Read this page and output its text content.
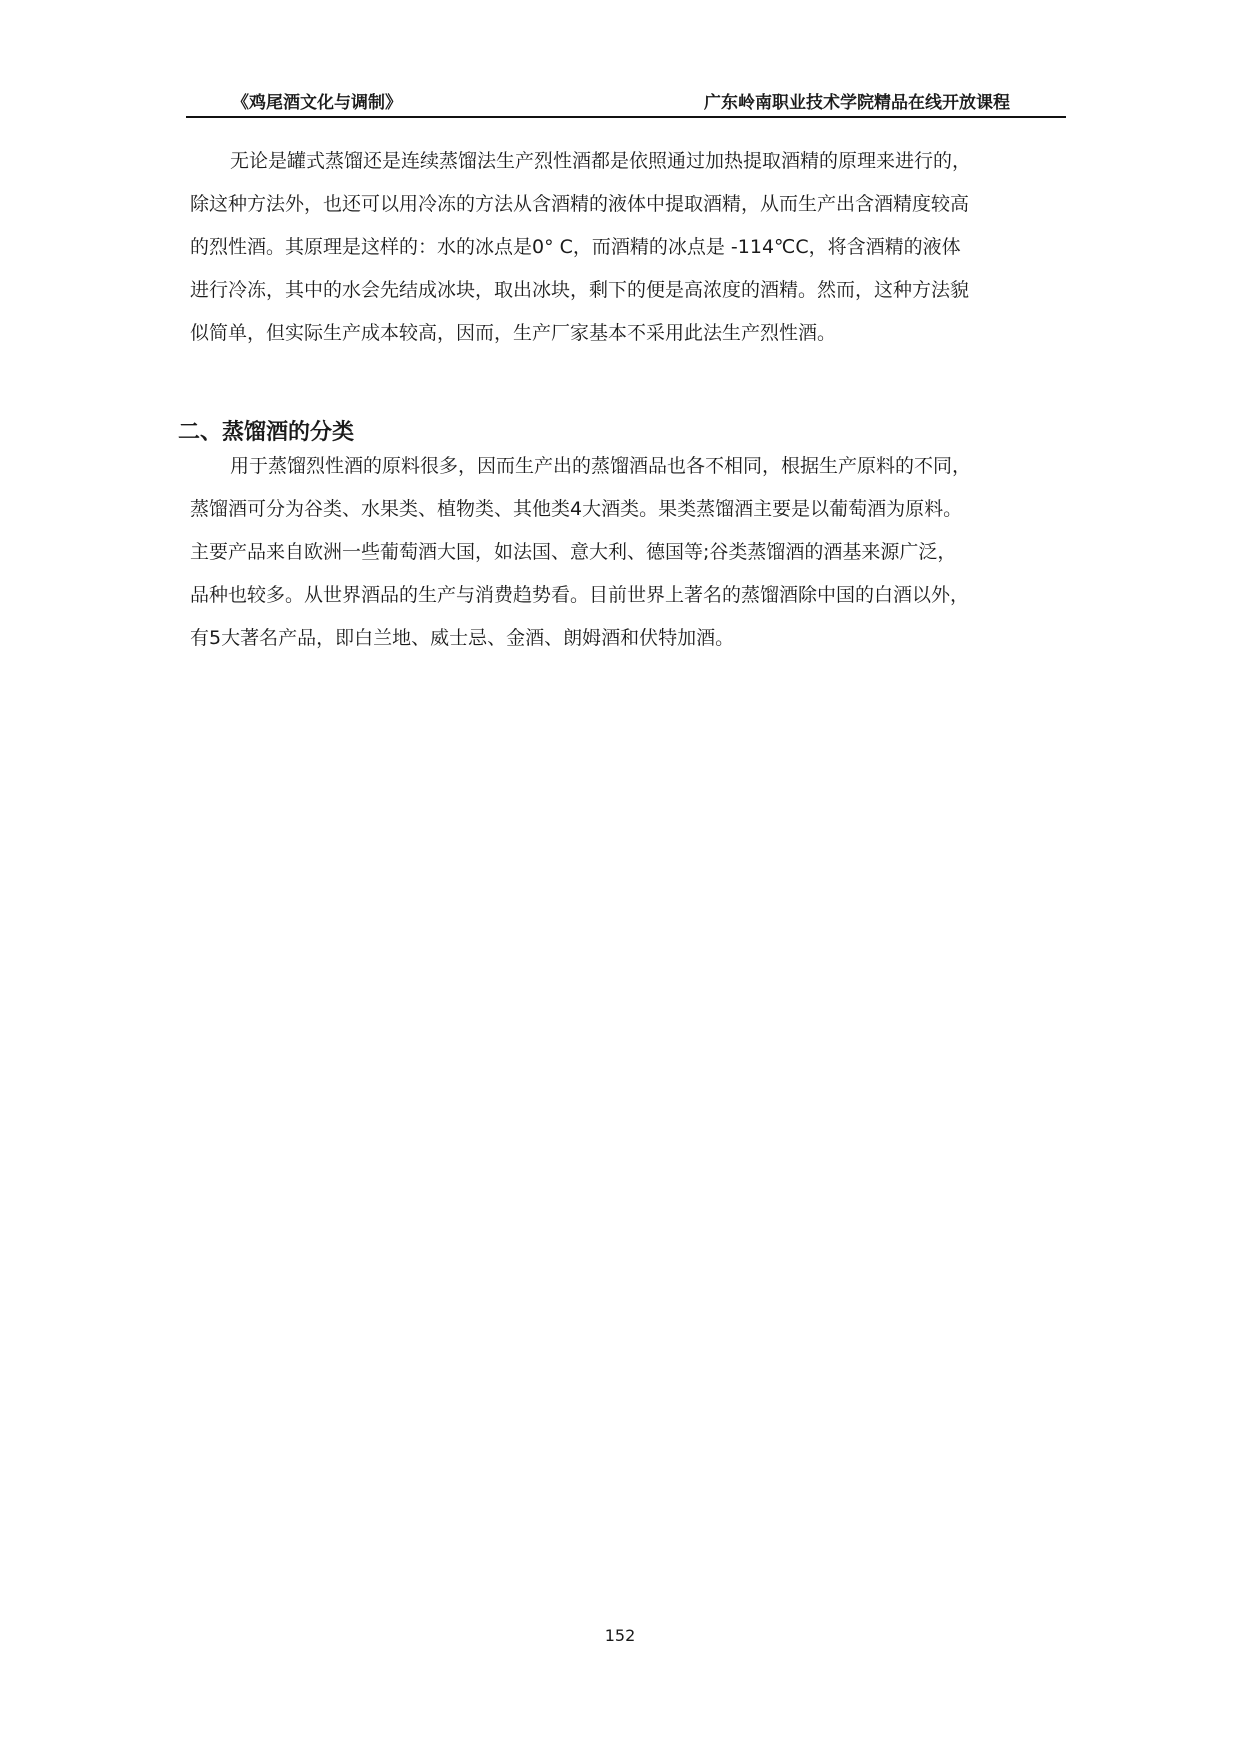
《鸡尾酒文化与调制》	广东岭南职业技术学院精品在线开放课程
无论是罐式蒸馏还是连续蒸馏法生产烈性酒都是依照通过加热提取酒精的原理来进行的，
除这种方法外，也还可以用冷冻的方法从含酒精的液体中提取酒精，从而生产出含酒精度较高
的烈性酒。其原理是这样的：水的冰点是0° C，而酒精的冰点是 -114℃C，将含酒精的液体
进行冷冻，其中的水会先结成冰块，取出冰块，剩下的便是高浓度的酒精。然而，这种方法貌
似简单，但实际生产成本较高，因而，生产厂家基本不采用此法生产烈性酒。
二、蒸馏酒的分类
用于蒸馏烈性酒的原料很多，因而生产出的蒸馏酒品也各不相同，根据生产原料的不同，
蒸馏酒可分为谷类、水果类、植物类、其他类4大酒类。果类蒸馏酒主要是以葡萄酒为原料。
主要产品来自欧洲一些葡萄酒大国，如法国、意大利、德国等;谷类蒸馏酒的酒基来源广泛，
品种也较多。从世界酒品的生产与消费趋势看。目前世界上著名的蒸馏酒除中国的白酒以外，
有5大著名产品，即白兰地、威士忌、金酒、朗姆酒和伏特加酒。
152
